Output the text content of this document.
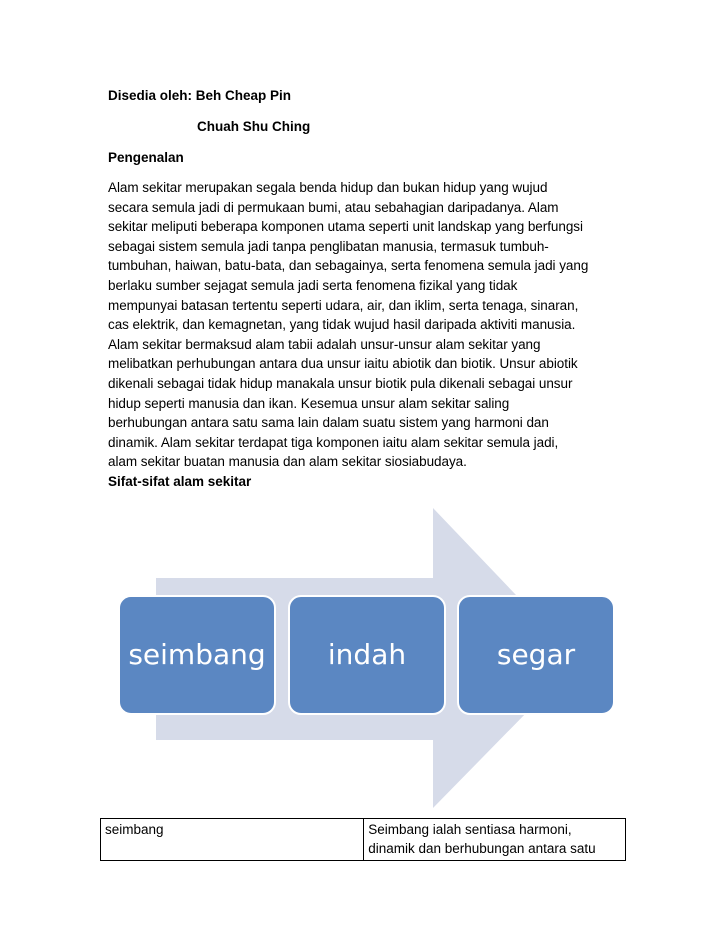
Disedia oleh: Beh Cheap Pin
Chuah Shu Ching
Pengenalan

Alam sekitar merupakan segala benda hidup dan bukan hidup yang wujud
secara semula jadi di permukaan bumi, atau sebahagian daripadanya. Alam
sekitar meliputi beberapa komponen utama seperti unit landskap yang berfungsi
sebagai sistem semula jadi tanpa penglibatan manusia, termasuk tumbuh-
tumbuhan, haiwan, batu-bata, dan sebagainya, serta fenomena semula jadi yang
berlaku sumber sejagat semula jadi serta fenomena fizikal yang tidak
mempunyai batasan tertentu seperti udara, air, dan iklim, serta tenaga, sinaran,
cas elektrik, dan kemagnetan, yang tidak wujud hasil daripada aktiviti manusia.
Alam sekitar bermaksud alam tabii adalah unsur-unsur alam sekitar yang
melibatkan perhubungan antara dua unsur iaitu abiotik dan biotik. Unsur abiotik
dikenali sebagai tidak hidup manakala unsur biotik pula dikenali sebagai unsur
hidup seperti manusia dan ikan. Kesemua unsur alam sekitar saling
berhubungan antara satu sama lain dalam suatu sistem yang harmoni dan
dinamik. Alam sekitar terdapat tiga komponen iaitu alam sekitar semula jadi,
alam sekitar buatan manusia dan alam sekitar siosiabudaya.

Sifat-sifat alam sekitar
seimbang indah	segar
seimbang	Seimbang ialah sentiasa harmoni,
dinamik dan berhubungan antara satu
